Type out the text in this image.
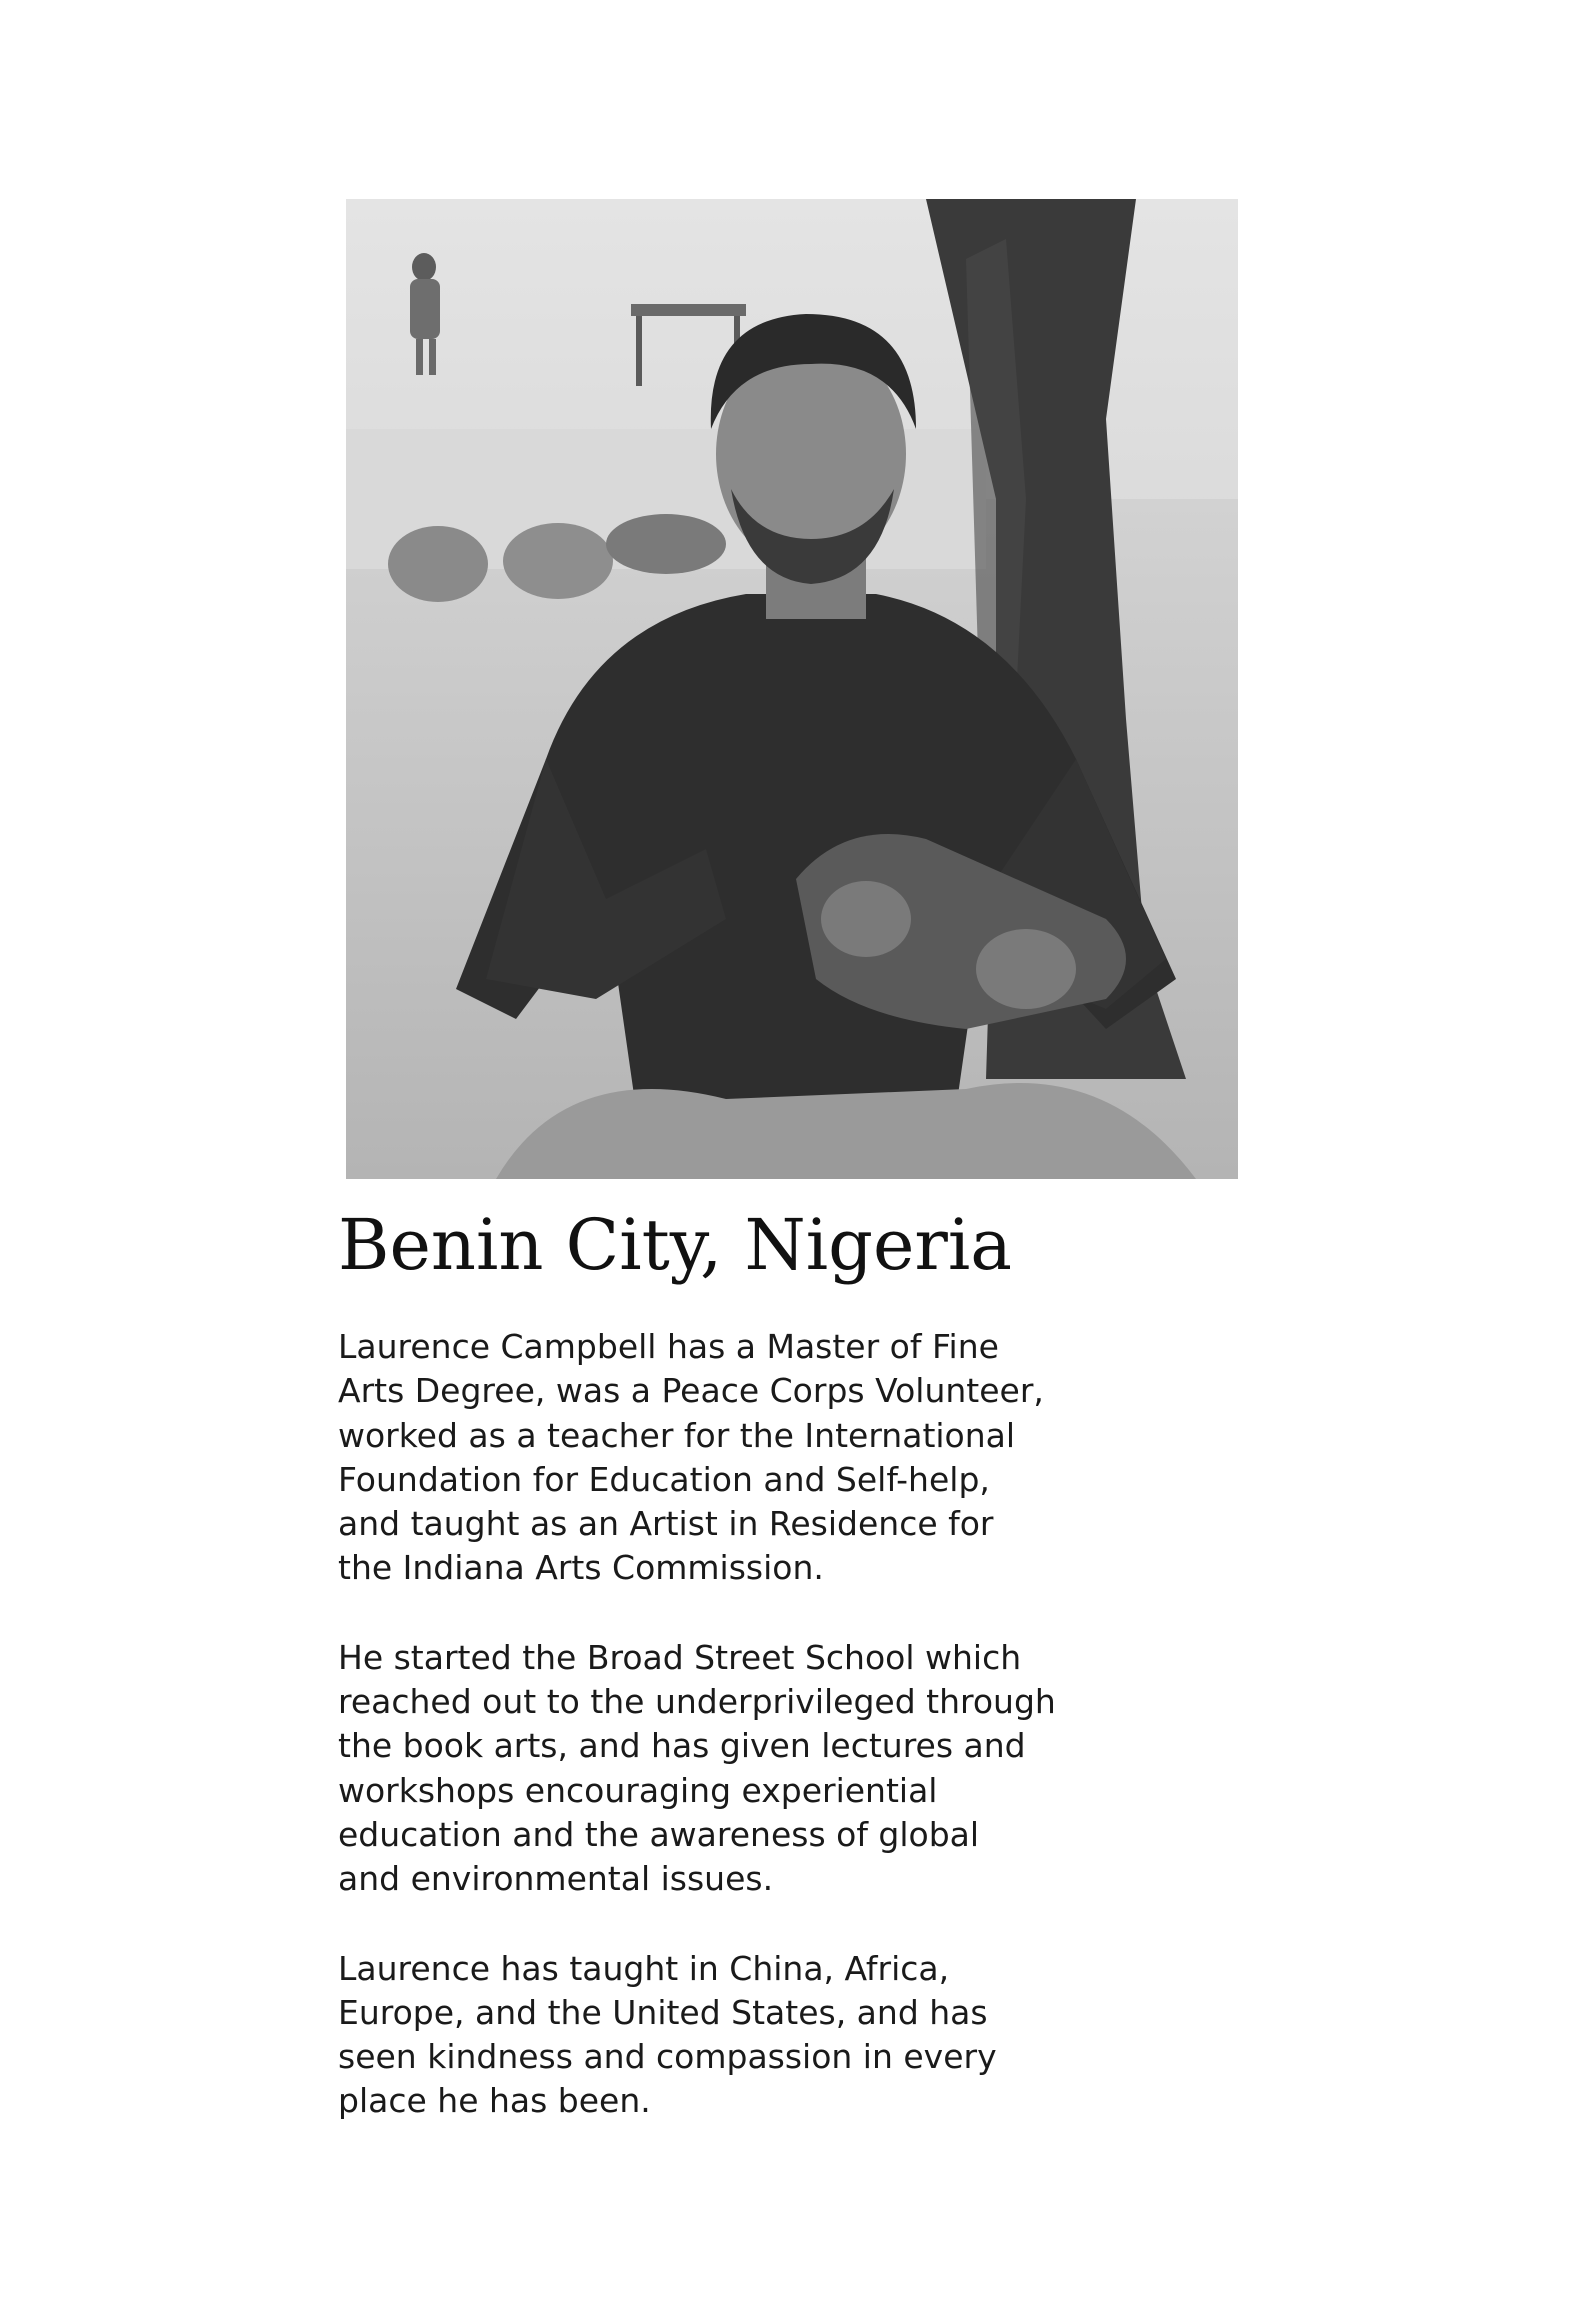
Benin City, Nigeria

Laurence Campbell has a Master of Fine
Arts Degree, was a Peace Corps Volunteer,
worked as a teacher for the International
Foundation for Education and Self-help,
and taught as an Artist in Residence for
the Indiana Arts Commission.

He started the Broad Street School which
reached out to the underprivileged through
the book arts, and has given lectures and
workshops encouraging experiential
education and the awareness of global
and environmental issues.

Laurence has taught in China, Africa,
Europe, and the United States, and has
seen kindness and compassion in every
place he has been.
